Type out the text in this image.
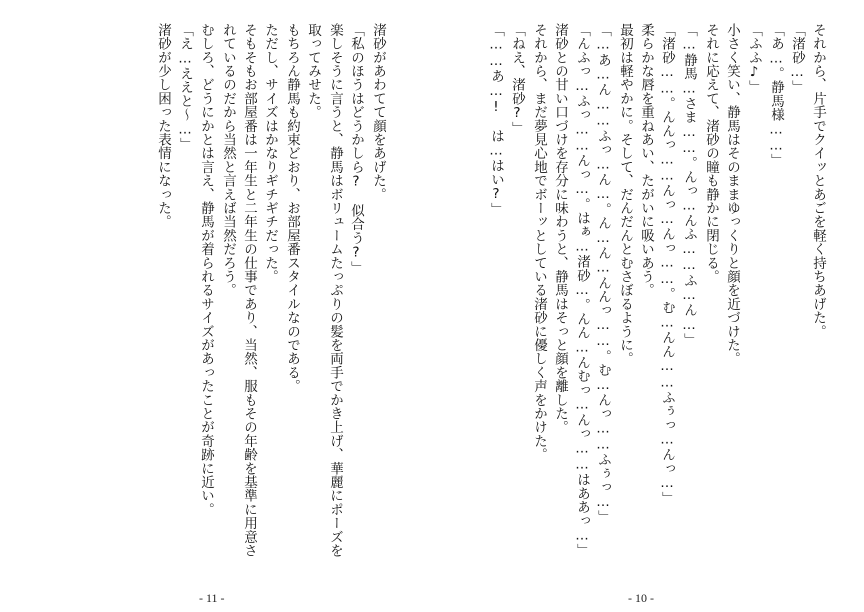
渚砂があわてて顔をあげた。
「私のほうはどうかしら?　似合う?」
楽しそうに言うと、静馬はボリュームたっぷりの髪を両手でかき上げ、華麗にポーズを
取ってみせた。
もちろん静馬も約束どおり、お部屋番スタイルなのである。
ただし、サイズはかなりギチギチだった。
そもそもお部屋番は一年生と二年生の仕事であり、当然、服もその年齢を基準に用意さ
れているのだから当然と言えば当然だろう。
むしろ、どうにかとは言え、静馬が着られるサイズがあったことが奇跡に近い。
「え…ええと～…」
渚砂が少し困った表情になった。
- 11 -
それから、片手でクイッとあごを軽く持ちあげた。
「渚砂…」
「あ…。静馬様……」
「ふふ♪」
小さく笑い、静馬はそのままゆっくりと顔を近づけた。
それに応えて、渚砂の瞳も静かに閉じる。
「…静馬…さま……。んっ…んふ……ふ…ん…」
「渚砂……。んんっ……んっ…んっ……。む…んん……ふぅっ…んっ…」
柔らかな唇を重ねあい、たがいに吸いあう。
最初は軽やかに。そして、だんだんとむさぼるように。
「…あ…ん……ふっ…ん…。ん…ん…んんっ……。む…んっ……ふぅっ…」
「んふっ…ふっ……んっ…。はぁ…渚砂…。んん…んむっ…んっ……はああっ…」
渚砂との甘い口づけを存分に味わうと、静馬はそっと顔を離した。
それから、まだ夢見心地でボーッとしている渚砂に優しく声をかけた。
「ねえ、渚砂?」
「……あ…!　は…はい?」
- 10 -
